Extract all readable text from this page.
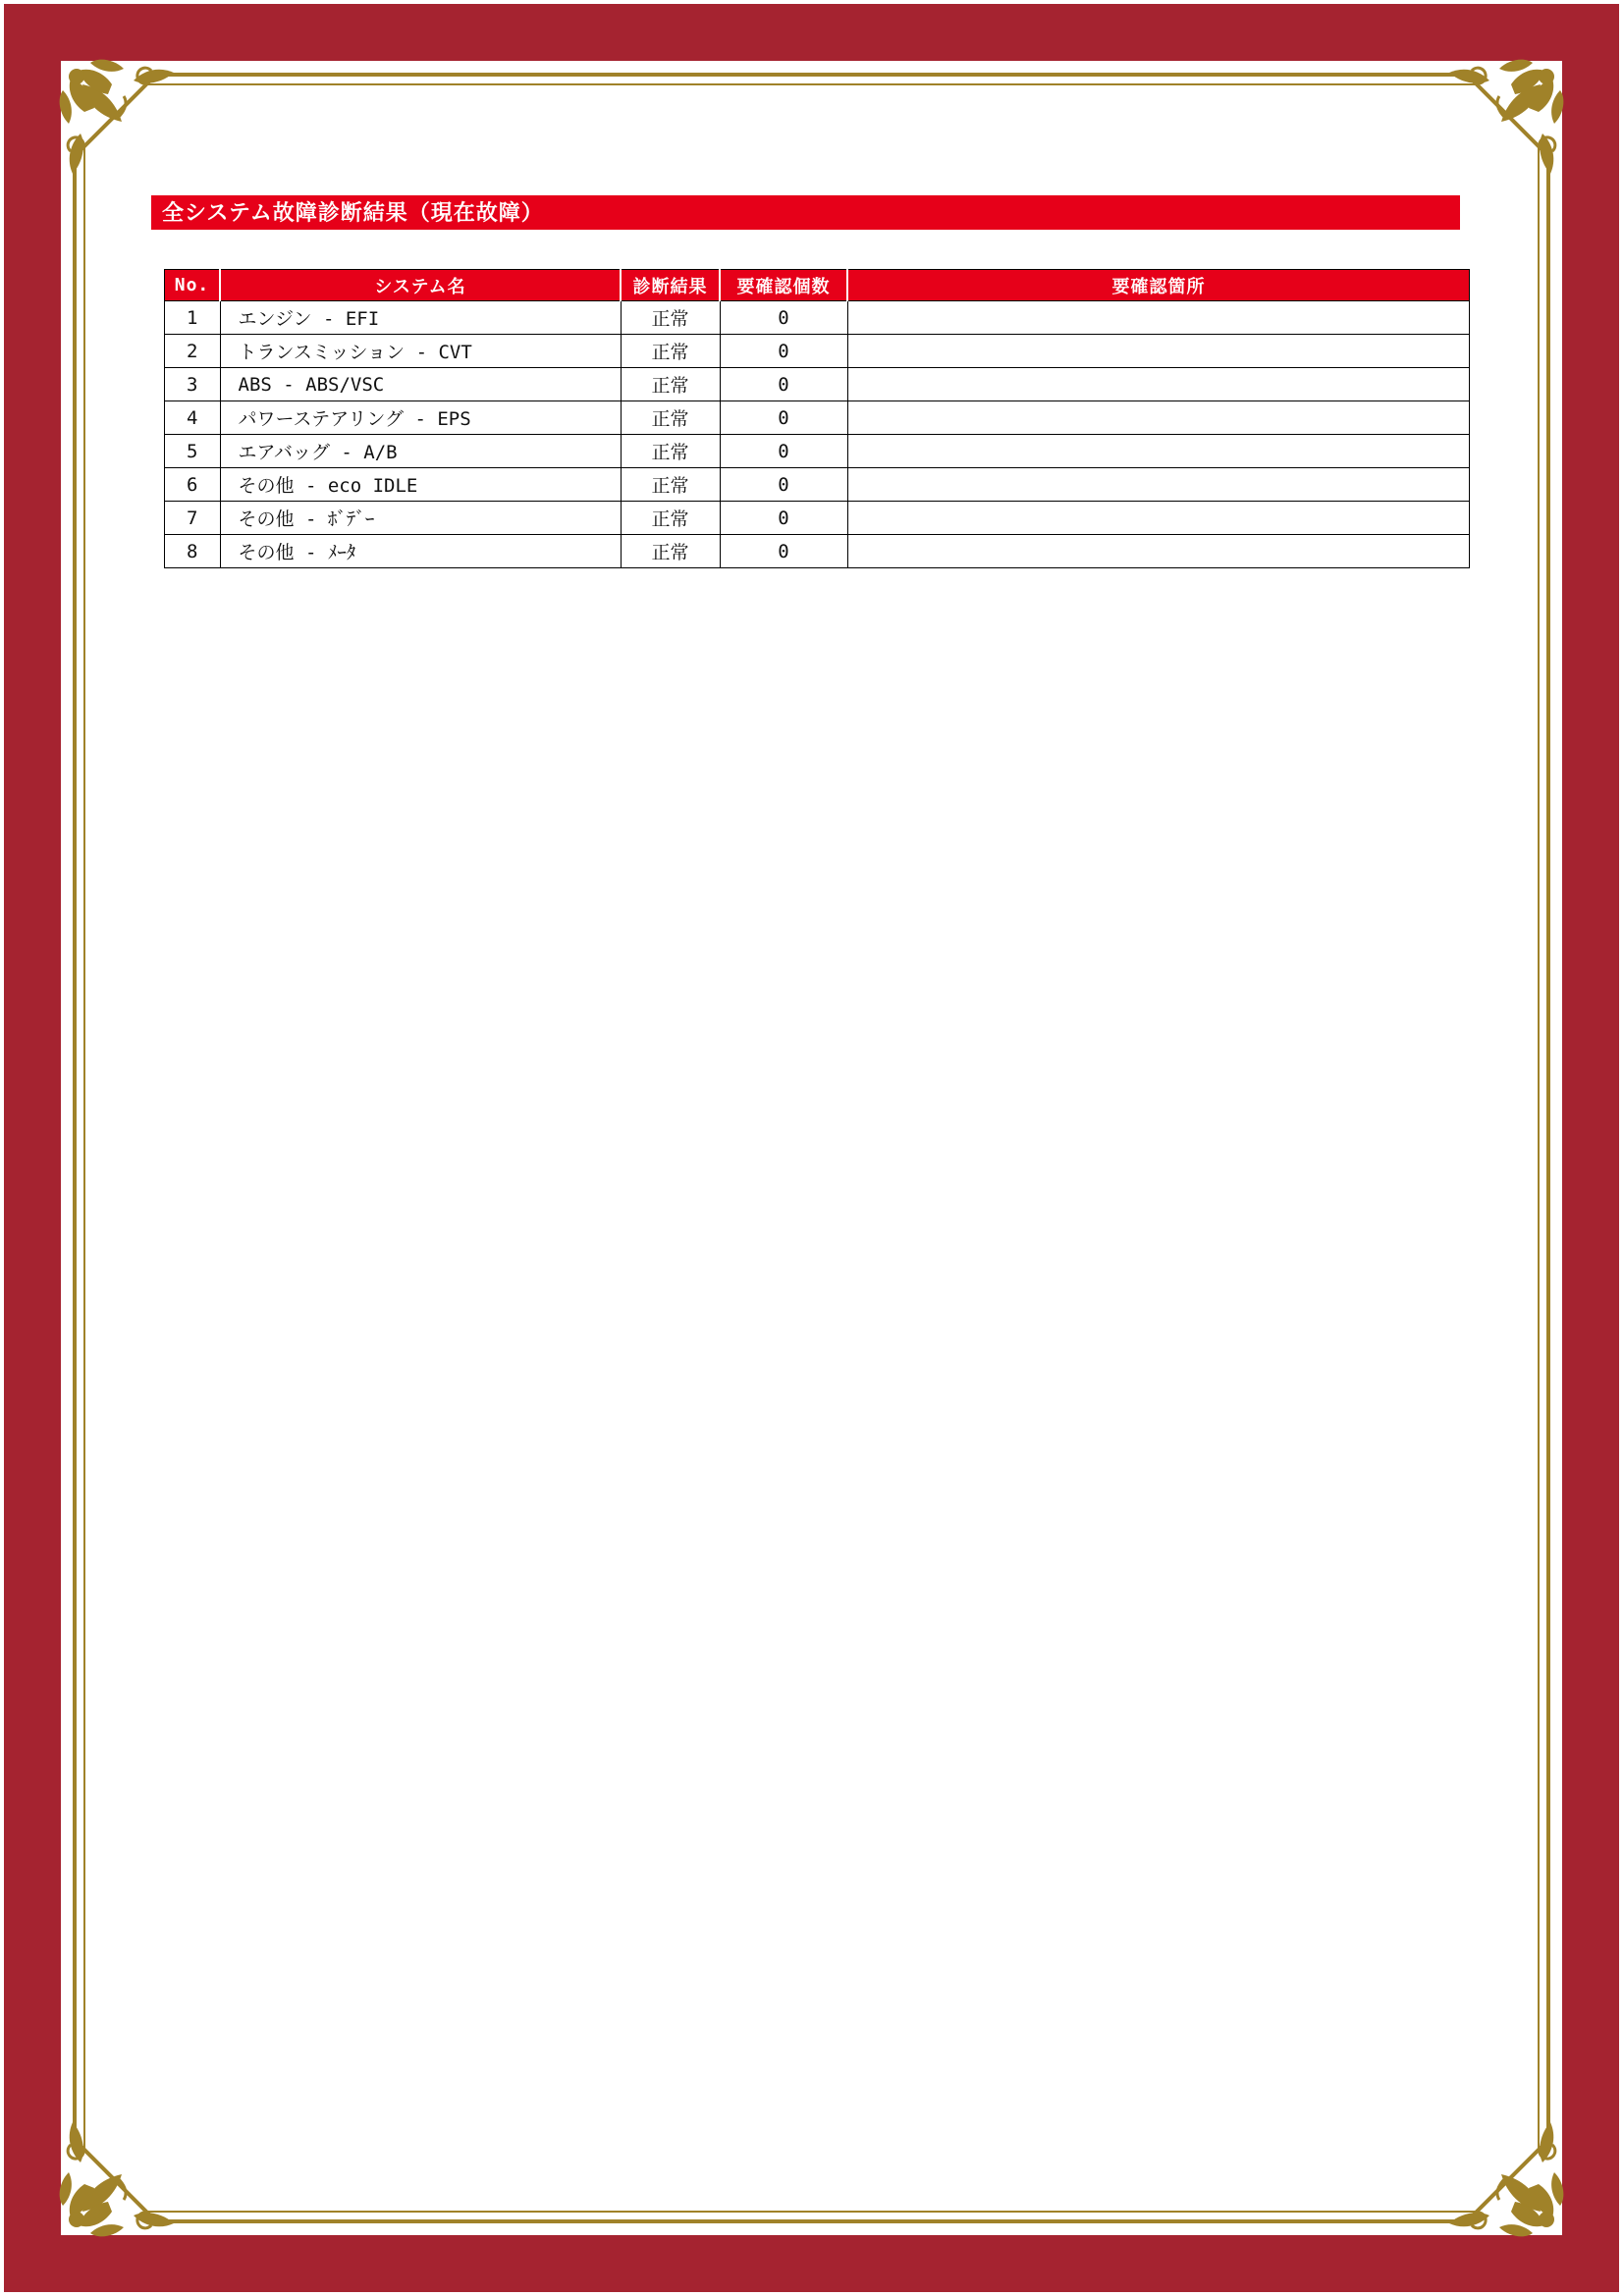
全システム故障診断結果（現在故障）
No.	システム名	診断結果	要確認個数	要確認箇所
1	エンジン - EFI	正常	0	
2	トランスミッション - CVT	正常	0	
3	ABS - ABS/VSC	正常	0	
4	パワーステアリング - EPS	正常	0	
5	エアバッグ - A/B	正常	0	
6	その他 - eco IDLE	正常	0	
7	その他 - ﾎﾞﾃﾞｰ	正常	0	
8	その他 - ﾒｰﾀ	正常	0	
